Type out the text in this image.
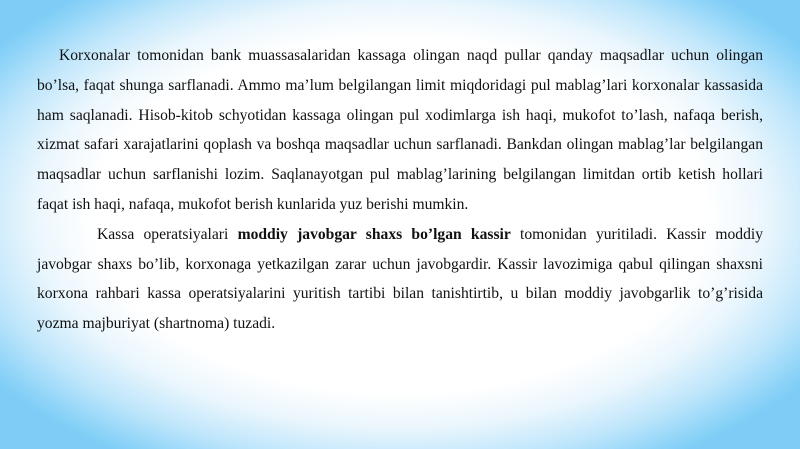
Korxonalar tomonidan bank muassasalaridan kassaga olingan naqd pullar qanday maqsadlar uchun olingan bo’lsa, faqat shunga sarflanadi. Ammo ma’lum belgilangan limit miqdoridagi pul mablag’lari korxonalar kassasida ham saqlanadi. Hisob-kitob schyotidan kassaga olingan pul xodimlarga ish haqi, mukofot to’lash, nafaqa berish, xizmat safari xarajatlarini qoplash va boshqa maqsadlar uchun sarflanadi. Bankdan olingan mablag’lar belgilangan maqsadlar uchun sarflanishi lozim. Saqlanayotgan pul mablag’larining belgilangan limitdan ortib ketish hollari faqat ish haqi, nafaqa, mukofot berish kunlarida yuz berishi mumkin.

Kassa operatsiyalari moddiy javobgar shaxs bo’lgan kassir tomonidan yuritiladi. Kassir moddiy javobgar shaxs bo’lib, korxonaga yetkazilgan zarar uchun javobgardir. Kassir lavozimiga qabul qilingan shaxsni korxona rahbari kassa operatsiyalarini yuritish tartibi bilan tanishtirtib, u bilan moddiy javobgarlik to’g’risida yozma majburiyat (shartnoma) tuzadi.
